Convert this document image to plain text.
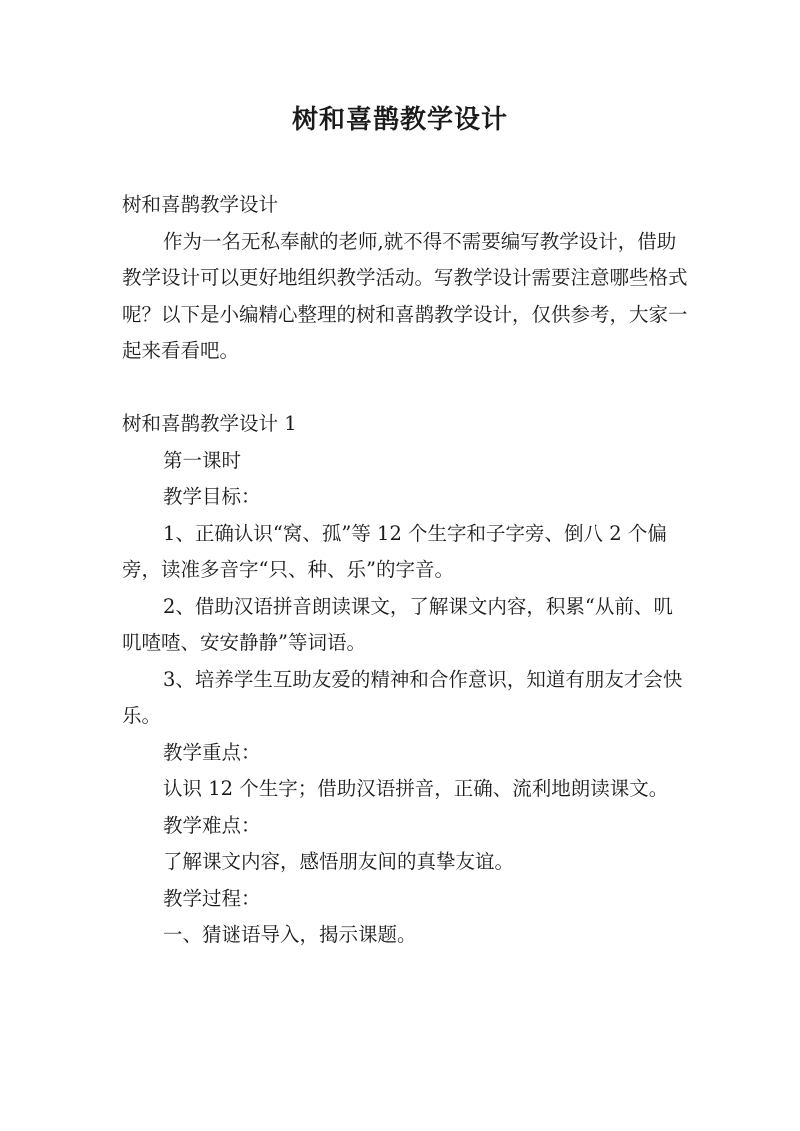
树和喜鹊教学设计

树和喜鹊教学设计

作为一名无私奉献的老师,就不得不需要编写教学设计，借助教学设计可以更好地组织教学活动。写教学设计需要注意哪些格式呢？以下是小编精心整理的树和喜鹊教学设计，仅供参考，大家一起来看看吧。

树和喜鹊教学设计 1

第一课时

教学目标：

1、正确认识“窝、孤”等 12 个生字和子字旁、倒八 2 个偏旁，读准多音字“只、种、乐”的字音。

2、借助汉语拼音朗读课文，了解课文内容，积累“从前、叽叽喳喳、安安静静”等词语。

3、培养学生互助友爱的精神和合作意识，知道有朋友才会快乐。

教学重点：

认识 12 个生字；借助汉语拼音，正确、流利地朗读课文。

教学难点：

了解课文内容，感悟朋友间的真挚友谊。

教学过程：

一、猜谜语导入，揭示课题。
